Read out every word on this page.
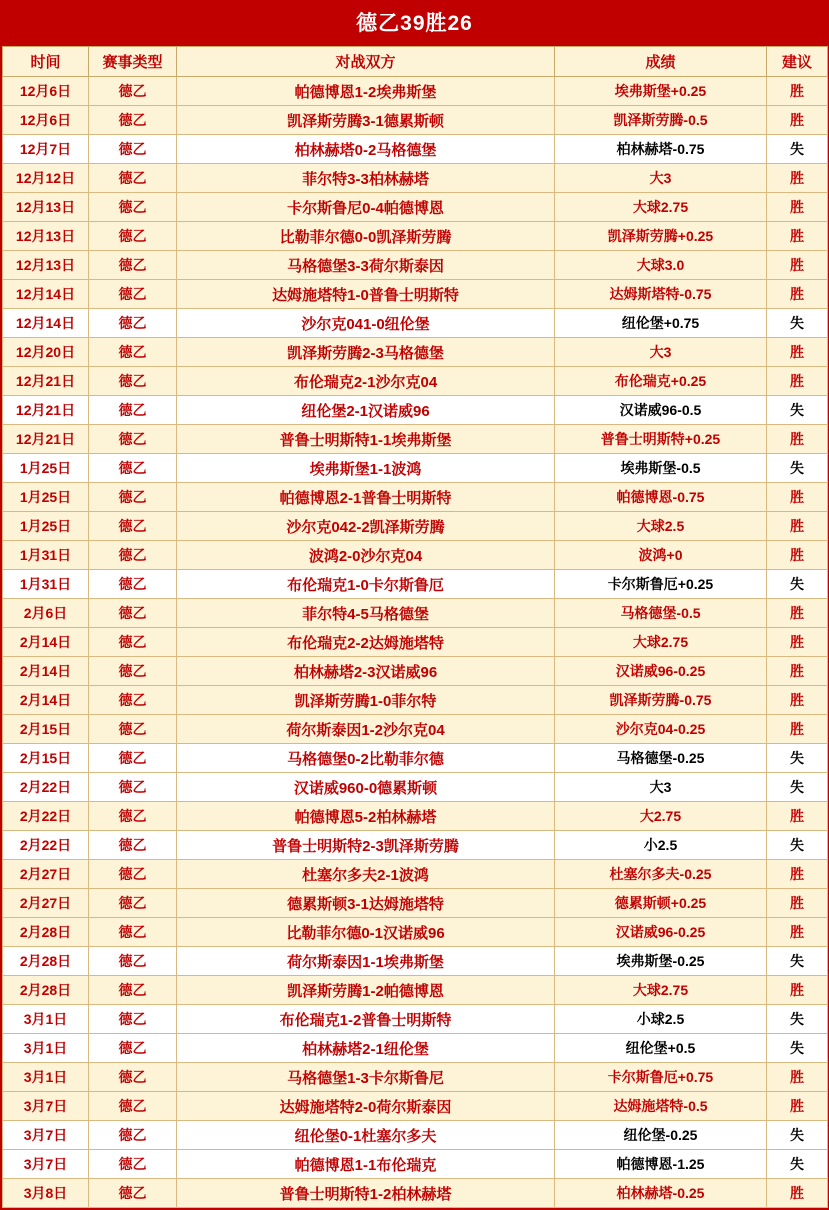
德乙39胜26
时间	赛事类型	对战双方	成绩	建议
12月6日	德乙	帕德博恩1-2埃弗斯堡	埃弗斯堡+0.25	胜
12月6日	德乙	凯泽斯劳腾3-1德累斯顿	凯泽斯劳腾-0.5	胜
12月7日	德乙	柏林赫塔0-2马格德堡	柏林赫塔-0.75	失
12月12日	德乙	菲尔特3-3柏林赫塔	大3	胜
12月13日	德乙	卡尔斯鲁尼0-4帕德博恩	大球2.75	胜
12月13日	德乙	比勒菲尔德0-0凯泽斯劳腾	凯泽斯劳腾+0.25	胜
12月13日	德乙	马格德堡3-3荷尔斯泰因	大球3.0	胜
12月14日	德乙	达姆施塔特1-0普鲁士明斯特	达姆斯塔特-0.75	胜
12月14日	德乙	沙尔克041-0纽伦堡	纽伦堡+0.75	失
12月20日	德乙	凯泽斯劳腾2-3马格德堡	大3	胜
12月21日	德乙	布伦瑞克2-1沙尔克04	布伦瑞克+0.25	胜
12月21日	德乙	纽伦堡2-1汉诺威96	汉诺威96-0.5	失
12月21日	德乙	普鲁士明斯特1-1埃弗斯堡	普鲁士明斯特+0.25	胜
1月25日	德乙	埃弗斯堡1-1波鸿	埃弗斯堡-0.5	失
1月25日	德乙	帕德博恩2-1普鲁士明斯特	帕德博恩-0.75	胜
1月25日	德乙	沙尔克042-2凯泽斯劳腾	大球2.5	胜
1月31日	德乙	波鸿2-0沙尔克04	波鸿+0	胜
1月31日	德乙	布伦瑞克1-0卡尔斯鲁厄	卡尔斯鲁厄+0.25	失
2月6日	德乙	菲尔特4-5马格德堡	马格德堡-0.5	胜
2月14日	德乙	布伦瑞克2-2达姆施塔特	大球2.75	胜
2月14日	德乙	柏林赫塔2-3汉诺威96	汉诺威96-0.25	胜
2月14日	德乙	凯泽斯劳腾1-0菲尔特	凯泽斯劳腾-0.75	胜
2月15日	德乙	荷尔斯泰因1-2沙尔克04	沙尔克04-0.25	胜
2月15日	德乙	马格德堡0-2比勒菲尔德	马格德堡-0.25	失
2月22日	德乙	汉诺威960-0德累斯顿	大3	失
2月22日	德乙	帕德博恩5-2柏林赫塔	大2.75	胜
2月22日	德乙	普鲁士明斯特2-3凯泽斯劳腾	小2.5	失
2月27日	德乙	杜塞尔多夫2-1波鸿	杜塞尔多夫-0.25	胜
2月27日	德乙	德累斯顿3-1达姆施塔特	德累斯顿+0.25	胜
2月28日	德乙	比勒菲尔德0-1汉诺威96	汉诺威96-0.25	胜
2月28日	德乙	荷尔斯泰因1-1埃弗斯堡	埃弗斯堡-0.25	失
2月28日	德乙	凯泽斯劳腾1-2帕德博恩	大球2.75	胜
3月1日	德乙	布伦瑞克1-2普鲁士明斯特	小球2.5	失
3月1日	德乙	柏林赫塔2-1纽伦堡	纽伦堡+0.5	失
3月1日	德乙	马格德堡1-3卡尔斯鲁尼	卡尔斯鲁厄+0.75	胜
3月7日	德乙	达姆施塔特2-0荷尔斯泰因	达姆施塔特-0.5	胜
3月7日	德乙	纽伦堡0-1杜塞尔多夫	纽伦堡-0.25	失
3月7日	德乙	帕德博恩1-1布伦瑞克	帕德博恩-1.25	失
3月8日	德乙	普鲁士明斯特1-2柏林赫塔	柏林赫塔-0.25	胜
